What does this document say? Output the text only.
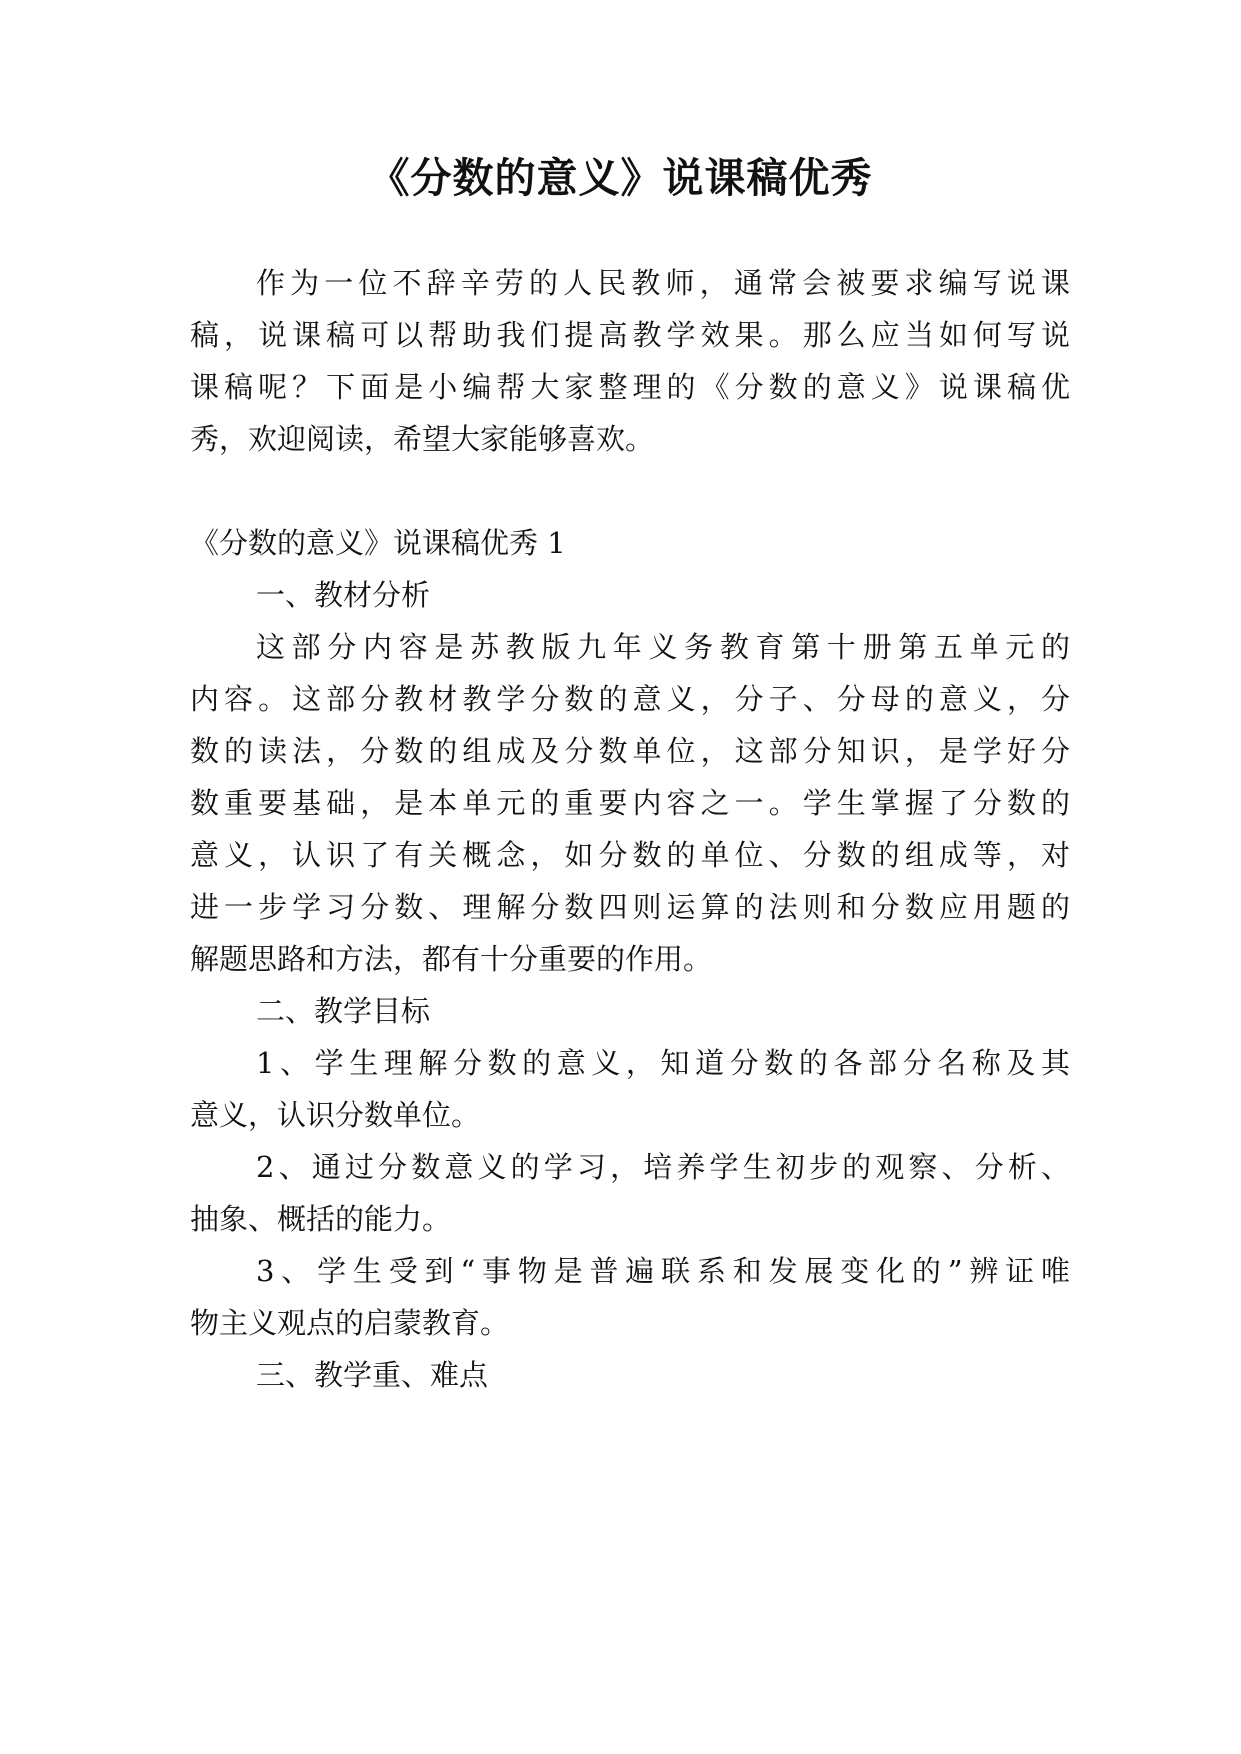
《分数的意义》说课稿优秀
作为一位不辞辛劳的人民教师，通常会被要求编写说课
稿，说课稿可以帮助我们提高教学效果。那么应当如何写说
课稿呢？下面是小编帮大家整理的《分数的意义》说课稿优
秀，欢迎阅读，希望大家能够喜欢。
《分数的意义》说课稿优秀 1
一、教材分析
这部分内容是苏教版九年义务教育第十册第五单元的
内容。这部分教材教学分数的意义，分子、分母的意义，分
数的读法，分数的组成及分数单位，这部分知识，是学好分
数重要基础，是本单元的重要内容之一。学生掌握了分数的
意义，认识了有关概念，如分数的单位、分数的组成等，对
进一步学习分数、理解分数四则运算的法则和分数应用题的
解题思路和方法，都有十分重要的作用。
二、教学目标
1、学生理解分数的意义，知道分数的各部分名称及其
意义，认识分数单位。
2、通过分数意义的学习，培养学生初步的观察、分析、
抽象、概括的能力。
3、学生受到“事物是普遍联系和发展变化的”辨证唯
物主义观点的启蒙教育。
三、教学重、难点
